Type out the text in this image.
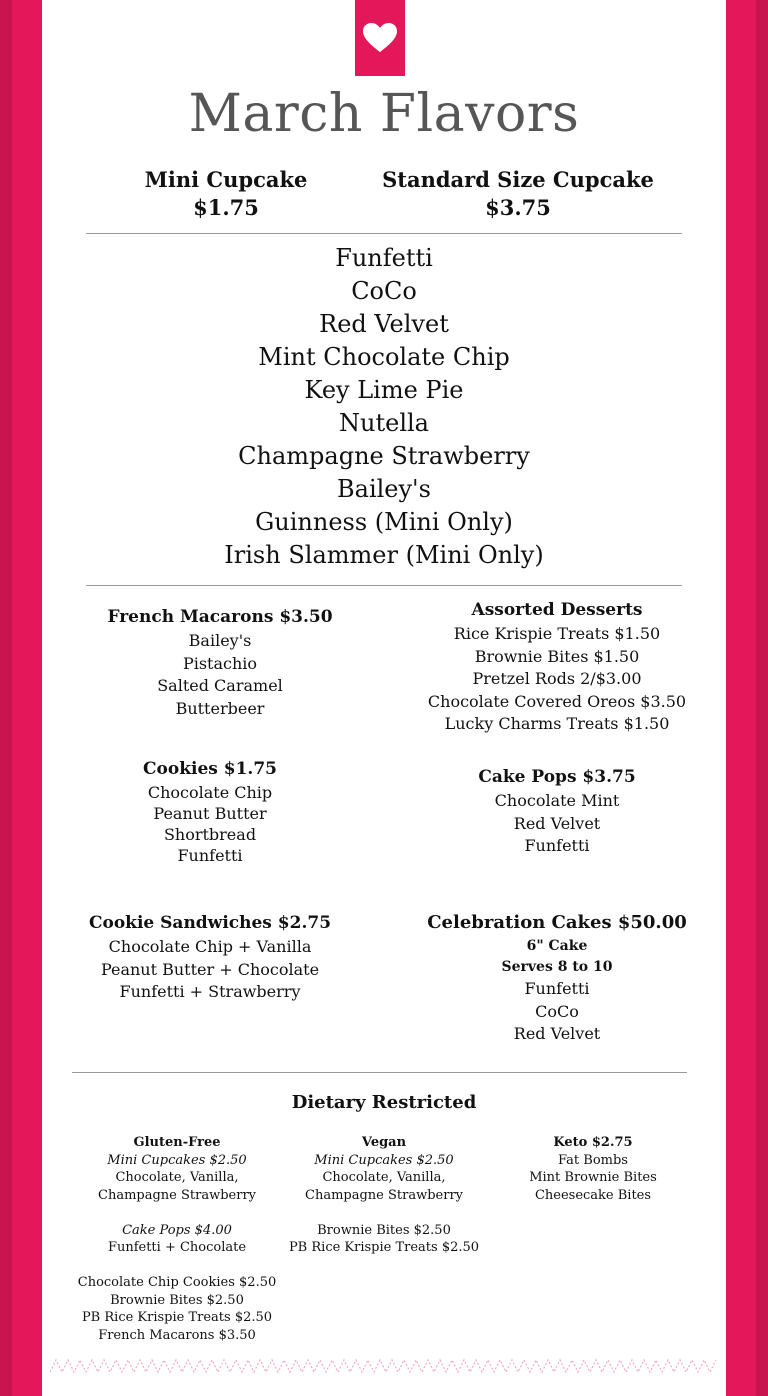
March Flavors
Mini Cupcake
$1.75
Standard Size Cupcake
$3.75
Funfetti
CoCo
Red Velvet
Mint Chocolate Chip
Key Lime Pie
Nutella
Champagne Strawberry
Bailey's
Guinness (Mini Only)
Irish Slammer (Mini Only)
French Macarons $3.50
Bailey's
Pistachio
Salted Caramel
Butterbeer
Assorted Desserts
Rice Krispie Treats $1.50
Brownie Bites $1.50
Pretzel Rods 2/$3.00
Chocolate Covered Oreos $3.50
Lucky Charms Treats $1.50
Cookies $1.75
Chocolate Chip
Peanut Butter
Shortbread
Funfetti
Cake Pops $3.75
Chocolate Mint
Red Velvet
Funfetti
Cookie Sandwiches $2.75
Chocolate Chip + Vanilla
Peanut Butter + Chocolate
Funfetti + Strawberry
Celebration Cakes $50.00
6" Cake
Serves 8 to 10
Funfetti
CoCo
Red Velvet
Dietary Restricted
Gluten-Free
Mini Cupcakes $2.50
Chocolate, Vanilla,
Champagne Strawberry
Cake Pops $4.00
Funfetti + Chocolate
Chocolate Chip Cookies $2.50
Brownie Bites $2.50
PB Rice Krispie Treats $2.50
French Macarons $3.50
Vegan
Mini Cupcakes $2.50
Chocolate, Vanilla,
Champagne Strawberry
Brownie Bites $2.50
PB Rice Krispie Treats $2.50
Keto $2.75
Fat Bombs
Mint Brownie Bites
Cheesecake Bites
